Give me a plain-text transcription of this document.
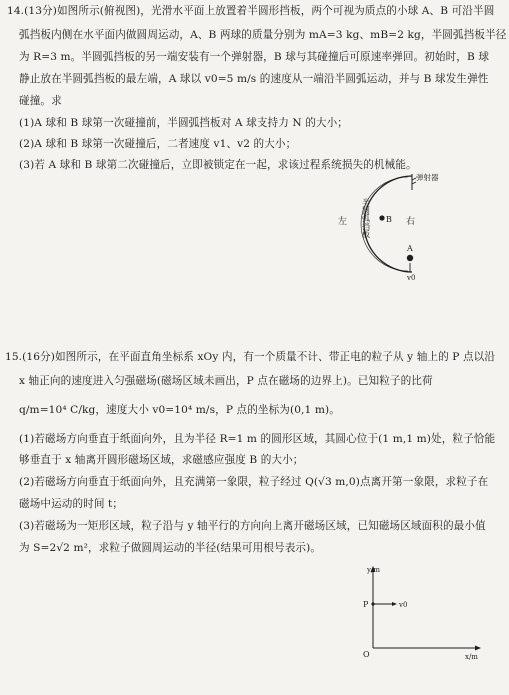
14.(13分)如图所示(俯视图)，光滑水平面上放置着半圆形挡板，两个可视为质点的小球 A、B 可沿半圆
弧挡板内侧在水平面内做圆周运动，A、B 两球的质量分别为 mA=3 kg、mB=2 kg，半圆弧挡板半径
为 R=3 m。半圆弧挡板的另一端安装有一个弹射器，B 球与其碰撞后可原速率弹回。初始时，B 球
静止放在半圆弧挡板的最左端，A 球以 v0=5 m/s 的速度从一端沿半圆弧运动，并与 B 球发生弹性
碰撞。求
(1)A 球和 B 球第一次碰撞前，半圆弧挡板对 A 球支持力 N 的大小；
(2)A 球和 B 球第一次碰撞后，二者速度 v1、v2 的大小；
(3)若 A 球和 B 球第二次碰撞后，立即被锁定在一起，求该过程系统损失的机械能。
弹射器
半圆弧挡板
左	右
B
A
v0
15.(16分)如图所示，在平面直角坐标系 xOy 内，有一个质量不计、带正电的粒子从 y 轴上的 P 点以沿
x 轴正向的速度进入匀强磁场(磁场区域未画出，P 点在磁场的边界上)。已知粒子的比荷
q/m=10⁴ C/kg，速度大小 v0=10⁴ m/s，P 点的坐标为(0,1 m)。
(1)若磁场方向垂直于纸面向外，且为半径 R=1 m 的圆形区域，其圆心位于(1 m,1 m)处，粒子恰能
够垂直于 x 轴离开圆形磁场区域，求磁感应强度 B 的大小；
(2)若磁场方向垂直于纸面向外，且充满第一象限，粒子经过 Q(√3 m,0)点离开第一象限，求粒子在
磁场中运动的时间 t；
(3)若磁场为一矩形区域，粒子沿与 y 轴平行的方向向上离开磁场区域，已知磁场区域面积的最小值
为 S=2√2 m²，求粒子做圆周运动的半径(结果可用根号表示)。
y/m
x/m
O
P	v0
